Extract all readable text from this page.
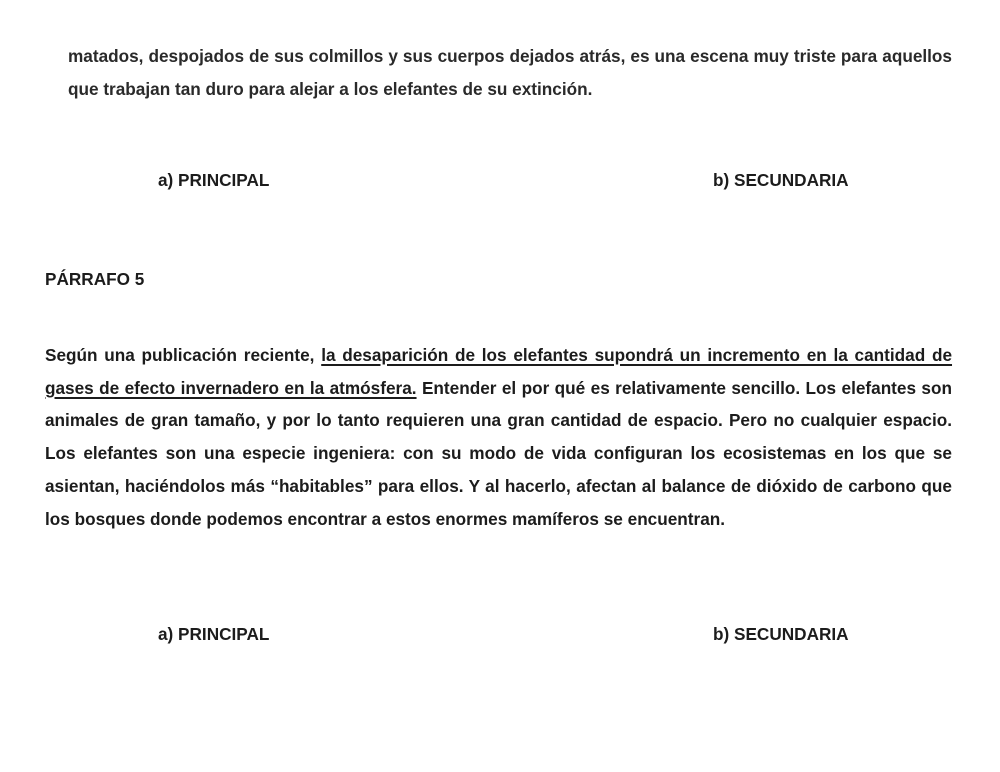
matados, despojados de sus colmillos y sus cuerpos dejados atrás, es una escena muy triste para aquellos que trabajan tan duro para alejar a los elefantes de su extinción.

a) PRINCIPAL	b) SECUNDARIA
PÁRRAFO 5

Según una publicación reciente, la desaparición de los elefantes supondrá un incremento en la cantidad de gases de efecto invernadero en la atmósfera. Entender el por qué es relativamente sencillo. Los elefantes son animales de gran tamaño, y por lo tanto requieren una gran cantidad de espacio. Pero no cualquier espacio. Los elefantes son una especie ingeniera: con su modo de vida configuran los ecosistemas en los que se asientan, haciéndolos más “habitables” para ellos. Y al hacerlo, afectan al balance de dióxido de carbono que los bosques donde podemos encontrar a estos enormes mamíferos se encuentran.

a) PRINCIPAL	b) SECUNDARIA
